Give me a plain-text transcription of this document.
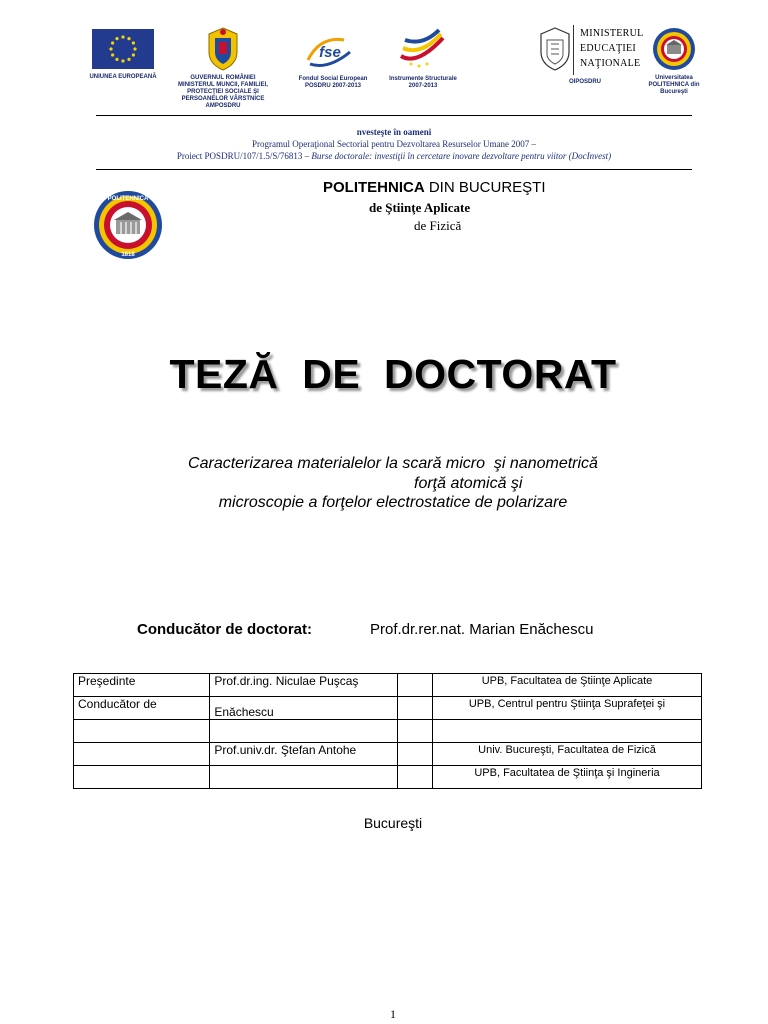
UNIUNEA EUROPEANĂ	GUVERNUL ROMÂNIEI MINISTERUL MUNCII, FAMILIEI, PROTECŢIEI SOCIALE ŞI PERSOANELOR VÂRSTNICE AMPOSDRU
fse
Fondul Social European POSDRU 2007-2013
Instrumente Structurale 2007-2013
MINISTERUL EDUCAŢIEI NAŢIONALE
OIPOSDRU
Universitatea POLITEHNICA din Bucureşti
nvesteşte în oameni
Programul Operaţional Sectorial pentru Dezvoltarea Resurselor Umane 2007 –
Proiect POSDRU/107/1.5/S/76813 – Burse doctorale: investiţii în cercetare inovare dezvoltare pentru viitor (DocInvest)
POLITEHNICA
1818
POLITEHNICA DIN BUCUREŞTI
de Ştiinţe Aplicate
de Fizică
TEZĂ  DE  DOCTORAT
Caracterizarea materialelor la scară micro  şi nanometrică
forţă atomică şi
microscopie a forţelor electrostatice de polarizare
Conducător de doctorat:	Prof.dr.rer.nat. Marian Enăchescu
Preşedinte	Prof.dr.ing. Niculae Puşcaş		UPB, Facultatea de Ştiinţe Aplicate
Conducător de	Enăchescu		UPB, Centrul pentru Ştiinţa Suprafeţei şi

	Prof.univ.dr. Ştefan Antohe		Univ. Bucureşti, Facultatea de Fizică
			UPB, Facultatea de Ştiinţa şi Ingineria
Bucureşti
1
